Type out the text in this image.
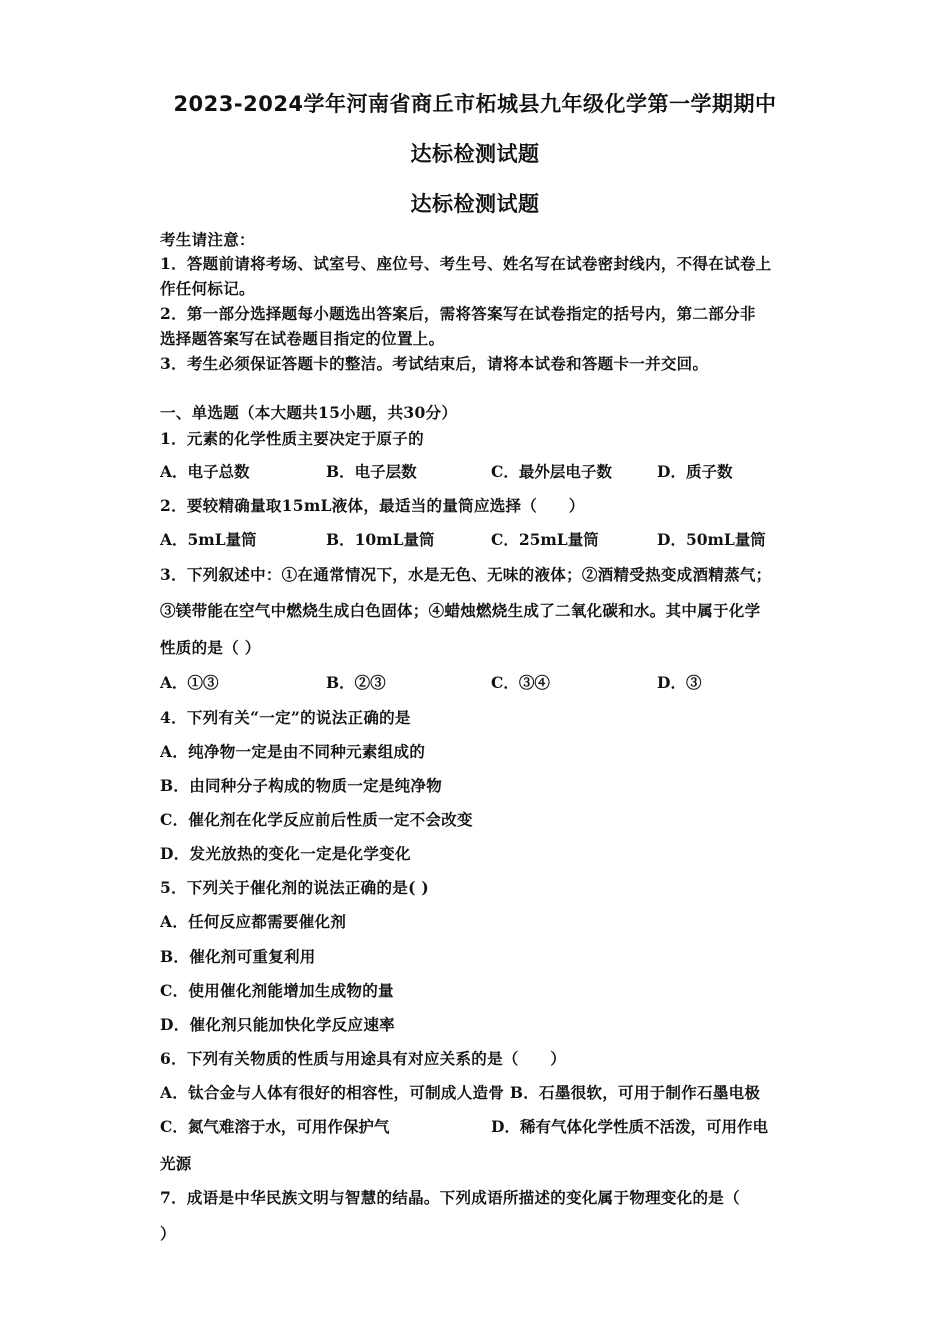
2023-2024学年河南省商丘市柘城县九年级化学第一学期期中
达标检测试题
达标检测试题
考生请注意：
1．答题前请将考场、试室号、座位号、考生号、姓名写在试卷密封线内，不得在试卷上
作任何标记。
2．第一部分选择题每小题选出答案后，需将答案写在试卷指定的括号内，第二部分非
选择题答案写在试卷题目指定的位置上。
3．考生必须保证答题卡的整洁。考试结束后，请将本试卷和答题卡一并交回。
一、单选题（本大题共15小题，共30分）
1．元素的化学性质主要决定于原子的
A．电子总数	B．电子层数	C．最外层电子数	D．质子数
2．要较精确量取15mL液体，最适当的量筒应选择（　　）
A．5mL量筒	B．10mL量筒	C．25mL量筒	D．50mL量筒
3．下列叙述中：①在通常情况下，水是无色、无味的液体；②酒精受热变成酒精蒸气；
③镁带能在空气中燃烧生成白色固体；④蜡烛燃烧生成了二氧化碳和水。其中属于化学
性质的是（ ）
A．①③	B．②③	C．③④	D．③
4．下列有关“一定”的说法正确的是
A．纯净物一定是由不同种元素组成的
B．由同种分子构成的物质一定是纯净物
C．催化剂在化学反应前后性质一定不会改变
D．发光放热的变化一定是化学变化
5．下列关于催化剂的说法正确的是( )
A．任何反应都需要催化剂
B．催化剂可重复利用
C．使用催化剂能增加生成物的量
D．催化剂只能加快化学反应速率
6．下列有关物质的性质与用途具有对应关系的是（　　）
A．钛合金与人体有很好的相容性，可制成人造骨 B．石墨很软，可用于制作石墨电极
C．氮气难溶于水，可用作保护气	D．稀有气体化学性质不活泼，可用作电
光源
7．成语是中华民族文明与智慧的结晶。下列成语所描述的变化属于物理变化的是（
）
